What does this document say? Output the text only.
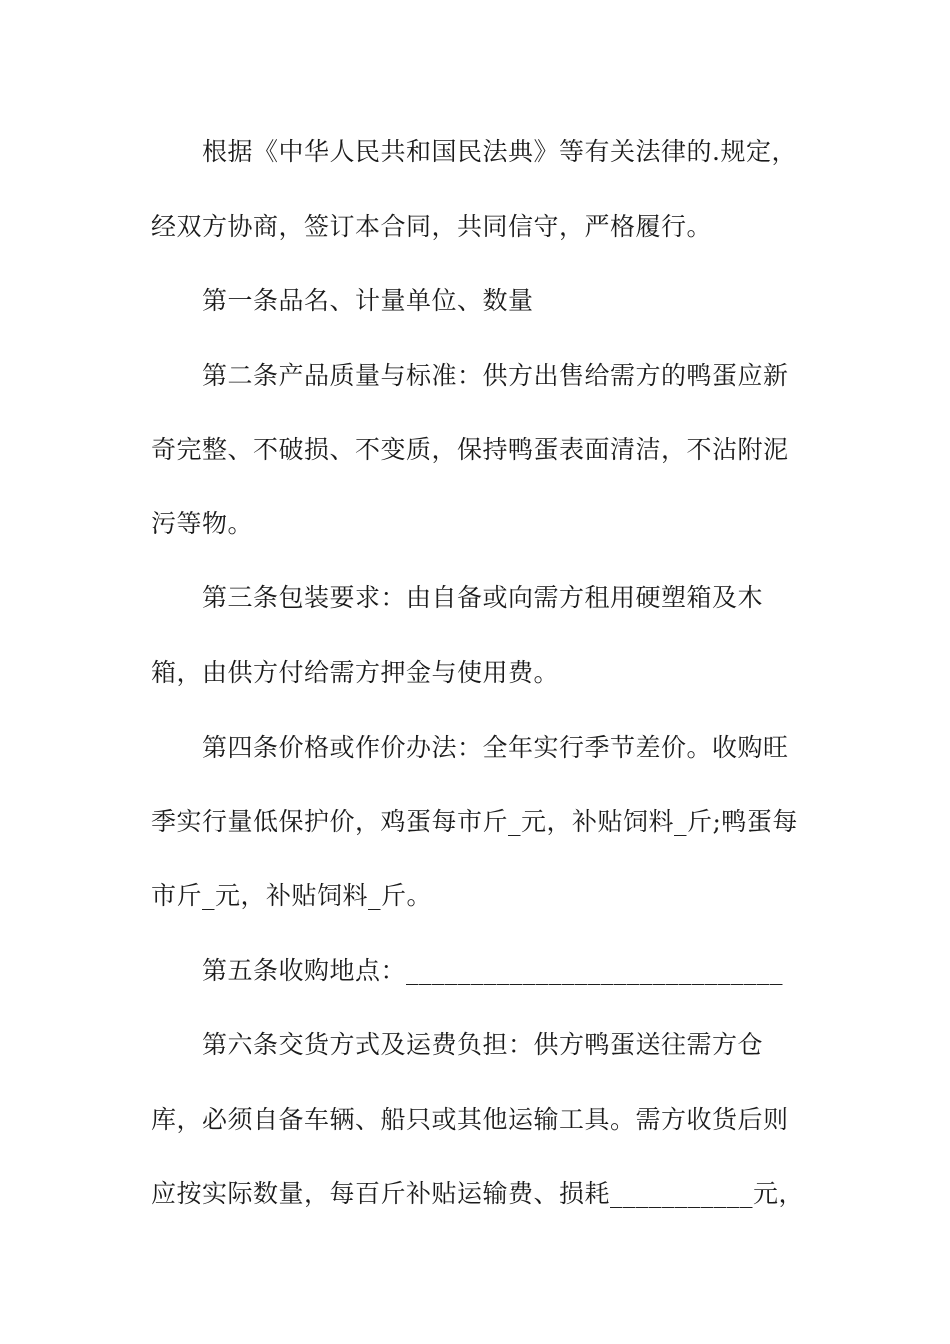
根据《中华人民共和国民法典》等有关法律的.规定，
经双方协商，签订本合同，共同信守，严格履行。
第一条品名、计量单位、数量
第二条产品质量与标准：供方出售给需方的鸭蛋应新
奇完整、不破损、不变质，保持鸭蛋表面清洁，不沾附泥
污等物。
第三条包装要求：由自备或向需方租用硬塑箱及木
箱，由供方付给需方押金与使用费。
第四条价格或作价办法：全年实行季节差价。收购旺
季实行量低保护价，鸡蛋每市斤_元，补贴饲料_斤;鸭蛋每
市斤_元，补贴饲料_斤。
第五条收购地点：_____________________________
第六条交货方式及运费负担：供方鸭蛋送往需方仓
库，必须自备车辆、船只或其他运输工具。需方收货后则
应按实际数量，每百斤补贴运输费、损耗___________元，
